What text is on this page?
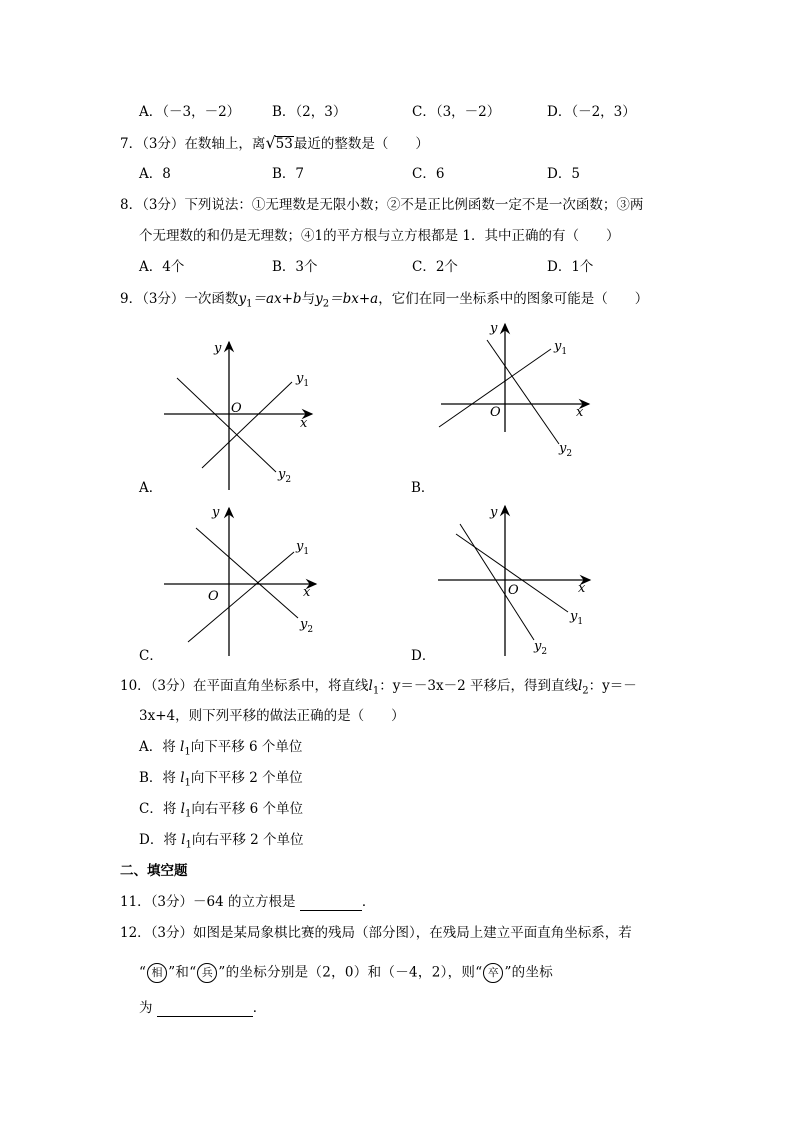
A．（－3，－2） B．（2，3）	C．（3，－2）	D．（－2，3）
7．（3分）在数轴上，离√53最近的整数是（　　）
A．8	B．7	C．6	D．5
8．（3分）下列说法：①无理数是无限小数；②不是正比例函数一定不是一次函数；③两
个无理数的和仍是无理数；④1的平方根与立方根都是 1．其中正确的有（　　）
A．4个	B．3个	C．2个	D．1个
9．（3分）一次函数$y_1=ax+b$与$y_2=bx+a$，它们在同一坐标系中的图象可能是（　　）
y
x
O
$y_1$
$y_2$
y
x
O
$y_1$
$y_2$
y
x
O
$y_1$
$y_2$
y
x
O
$y_1$
$y_2$
A．	B．
C．	D．
10．（3分）在平面直角坐标系中，将直线$l_1$：y＝－3x－2 平移后，得到直线$l_2$：y＝－
3x+4，则下列平移的做法正确的是（　　）
A．将 $l_1$向下平移 6 个单位
B．将 $l_1$向下平移 2 个单位
C．将 $l_1$向右平移 6 个单位
D．将 $l_1$向右平移 2 个单位
二、填空题
11．（3分）－64 的立方根是	．
12．（3分）如图是某局象棋比赛的残局（部分图），在残局上建立平面直角坐标系，若
“ 相 ”和“ 兵 ”的坐标分别是（2，0）和（－4，2），则“ 卒 ”的坐标
为	．
